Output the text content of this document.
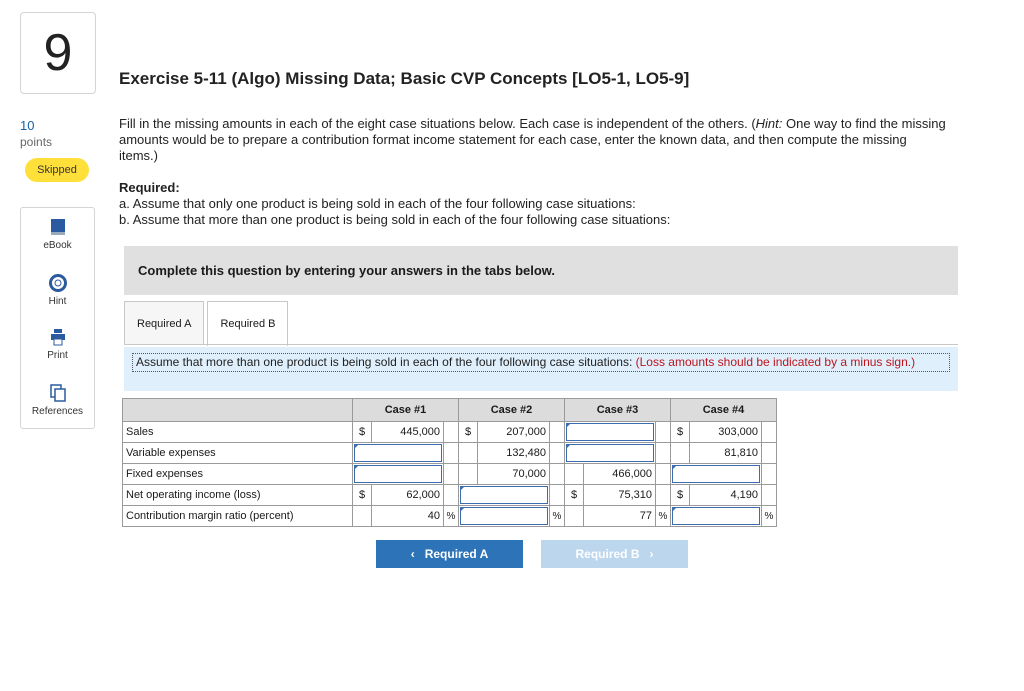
9
10
points
Skipped
eBook
Hint
Print
References
Exercise 5-11 (Algo) Missing Data; Basic CVP Concepts [LO5-1, LO5-9]
Fill in the missing amounts in each of the eight case situations below. Each case is independent of the others. (Hint: One way to find the missing amounts would be to prepare a contribution format income statement for each case, enter the known data, and then compute the missing items.)
Required:
a. Assume that only one product is being sold in each of the four following case situations:
b. Assume that more than one product is being sold in each of the four following case situations:
Complete this question by entering your answers in the tabs below.
Required A	Required B
Assume that more than one product is being sold in each of the four following case situations: (Loss amounts should be indicated by a minus sign.)
	Case #1			Case #2			Case #3			Case #4		
Sales	$	445,000		$	207,000					$	303,000	
Variable expenses					132,480						81,810	
Fixed expenses					70,000			466,000			

Net operating income (loss)	$	62,000					$	75,310		$	4,190	
Contribution margin ratio (percent)		40	%			%		77	%			%
‹ Required A	Required B ›
